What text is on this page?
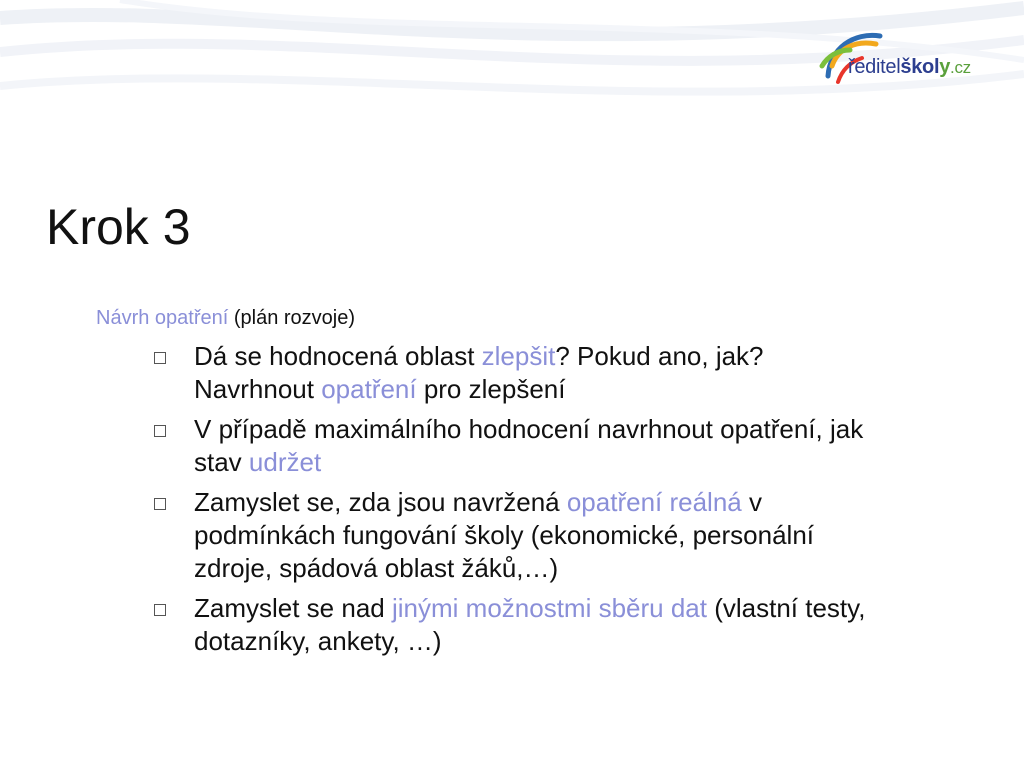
ředitelškoly.cz
Krok 3

Návrh opatření (plán rozvoje)

Dá se hodnocená oblast zlepšit? Pokud ano, jak? Navrhnout opatření pro zlepšení
V případě maximálního hodnocení navrhnout opatření, jak stav udržet
Zamyslet se, zda jsou navržená opatření reálná v podmínkách fungování školy (ekonomické, personální zdroje, spádová oblast žáků,…)
Zamyslet se nad jinými možnostmi sběru dat (vlastní testy, dotazníky, ankety, …)
